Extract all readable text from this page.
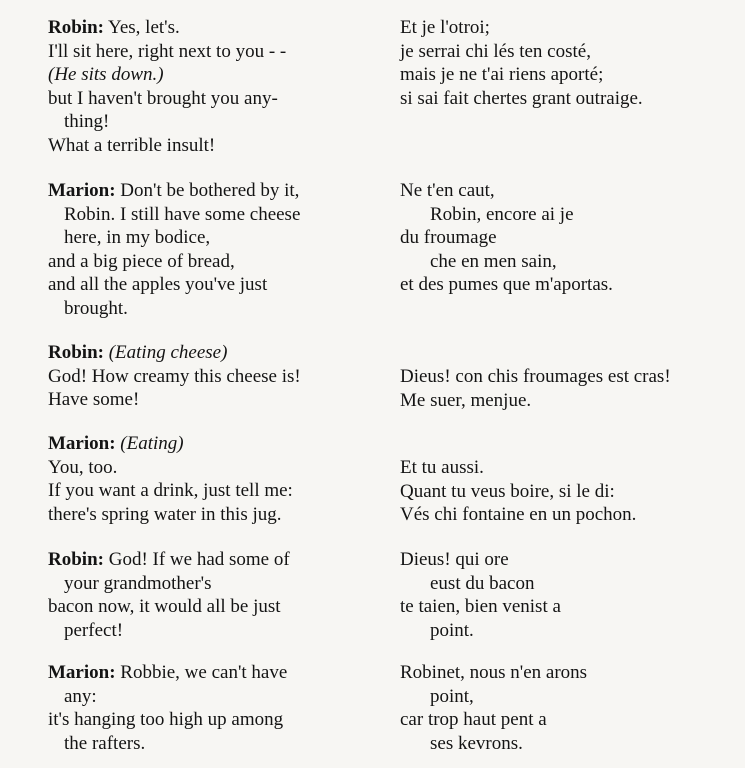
Robin: Yes, let's.
I'll sit here, right next to you - -
(He sits down.)
but I haven't brought you any-
thing!
What a terrible insult!
Marion: Don't be bothered by it,
Robin. I still have some cheese
here, in my bodice,
and a big piece of bread,
and all the apples you've just
brought.
Robin: (Eating cheese)
God! How creamy this cheese is!
Have some!
Marion: (Eating)
You, too.
If you want a drink, just tell me:
there's spring water in this jug.
Robin: God! If we had some of
your grandmother's
bacon now, it would all be just
perfect!
Marion: Robbie, we can't have
any:
it's hanging too high up among
the rafters.
Et je l'otroi;
je serrai chi lés ten costé,
mais je ne t'ai riens aporté;
si sai fait chertes grant outraige.
Ne t'en caut,
Robin, encore ai je
du froumage
che en men sain,
et des pumes que m'aportas.
Dieus! con chis froumages est cras!
Me suer, menjue.
Et tu aussi.
Quant tu veus boire, si le di:
Vés chi fontaine en un pochon.
Dieus! qui ore
eust du bacon
te taien, bien venist a
point.
Robinet, nous n'en arons
point,
car trop haut pent a
ses kevrons.
